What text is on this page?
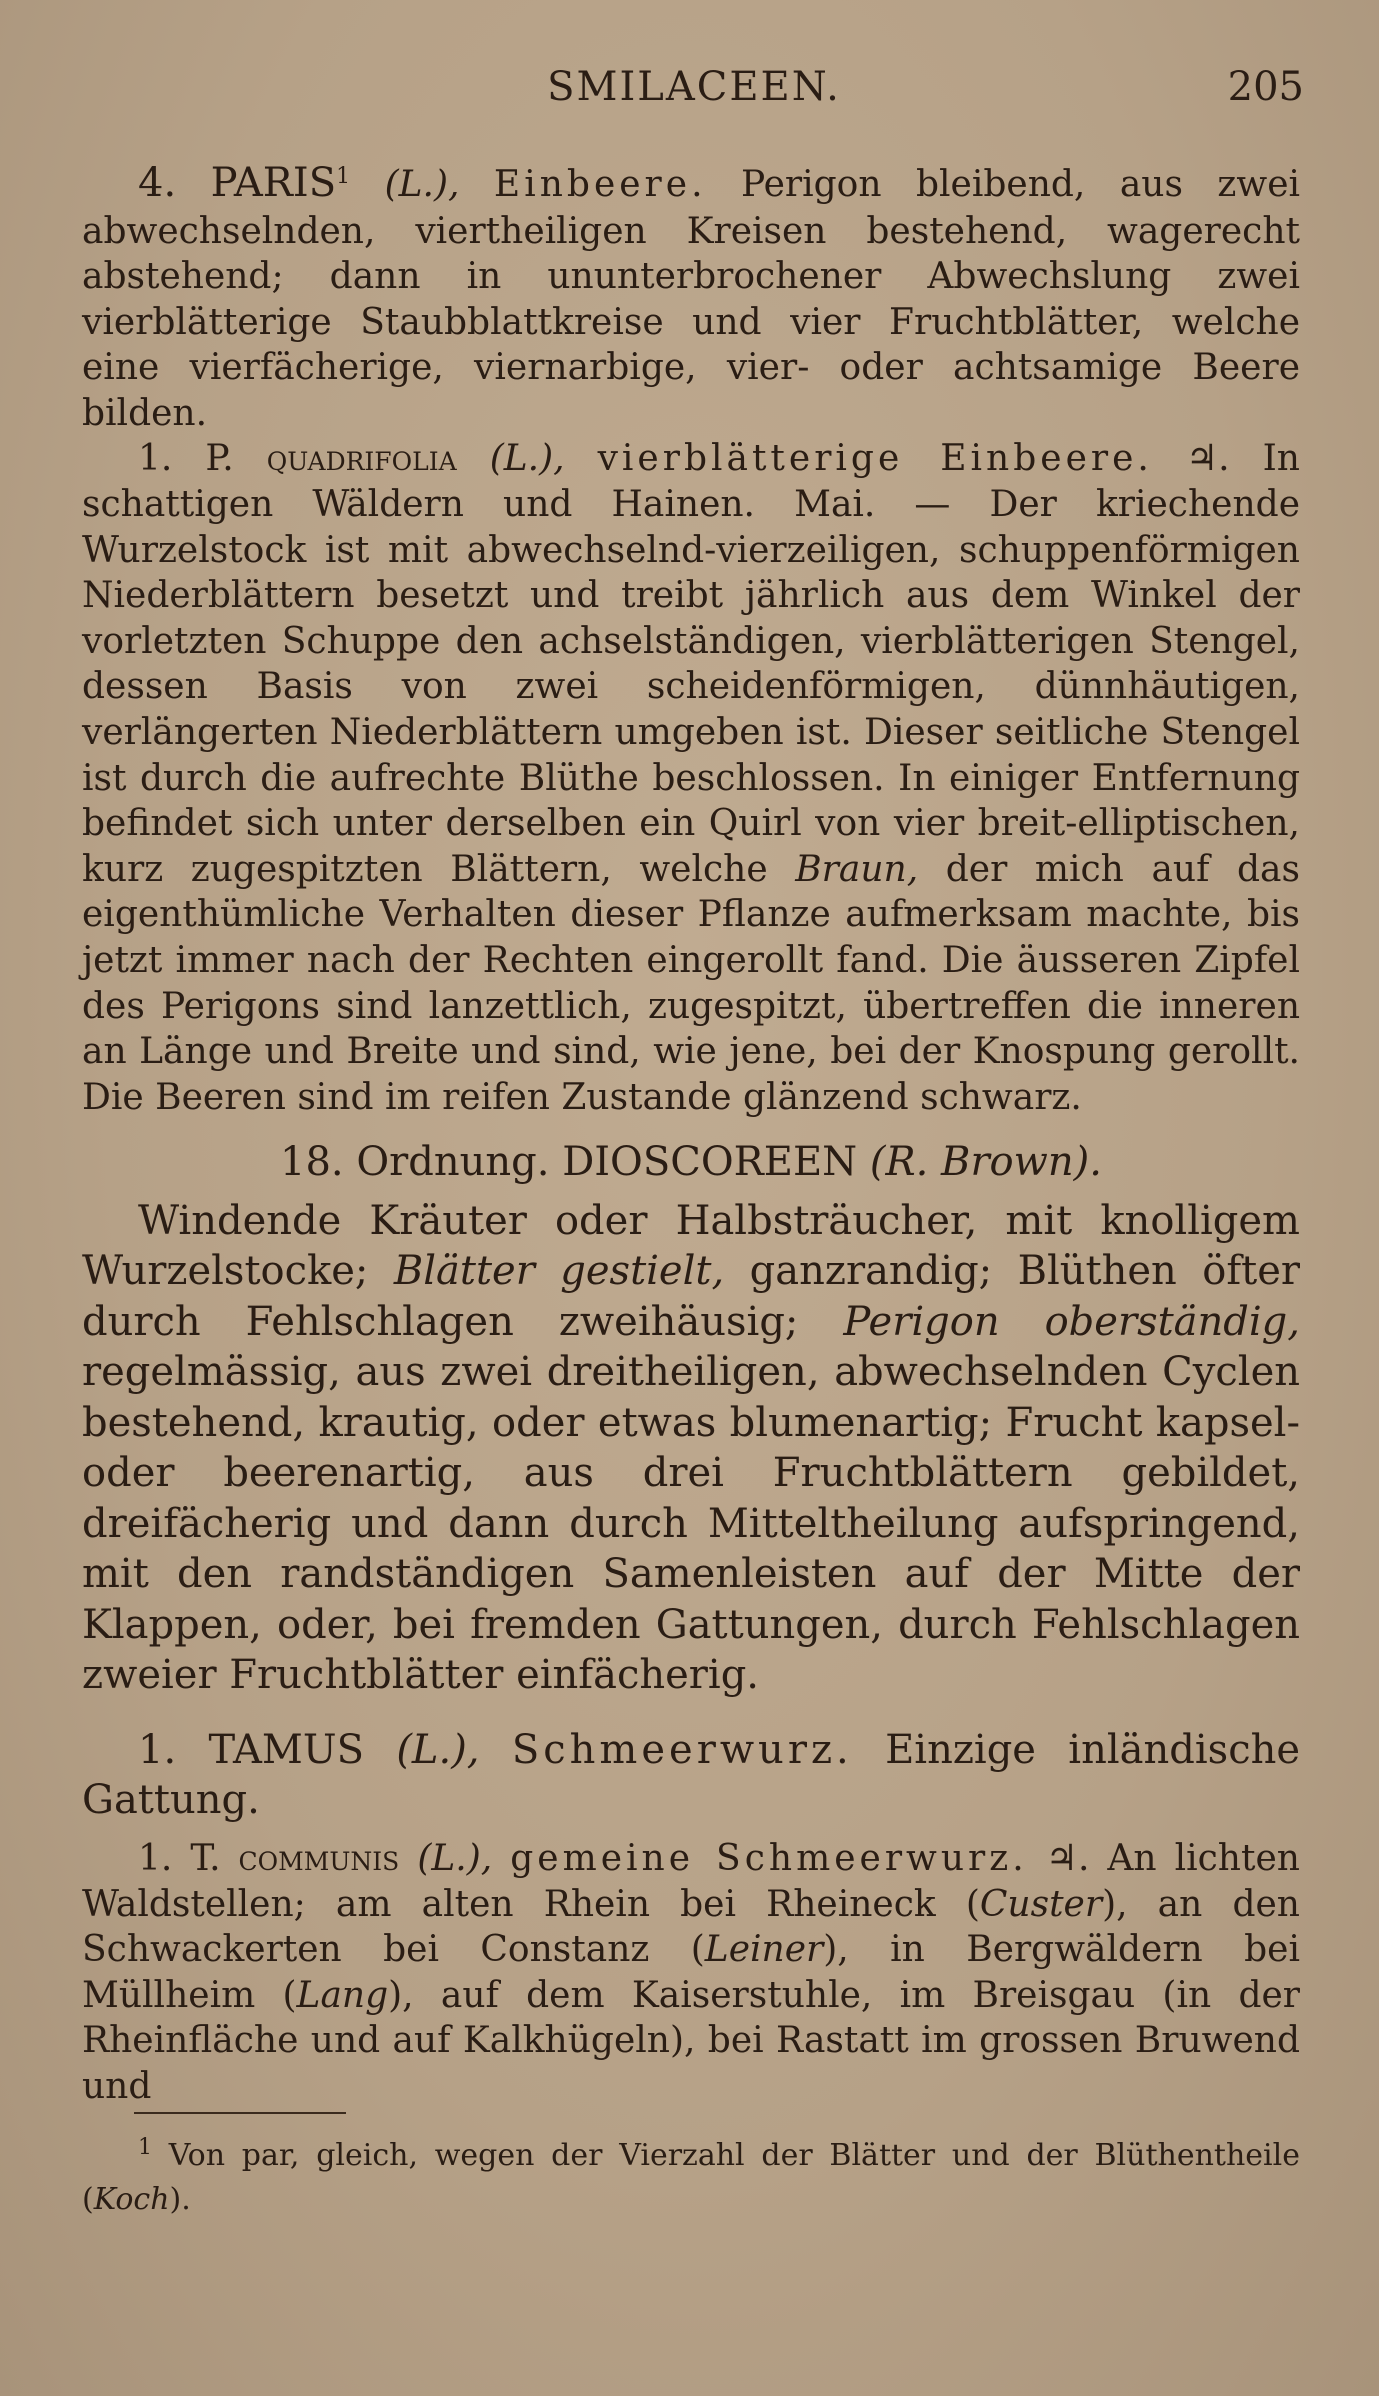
SMILACEEN.	205

4. PARIS$^1$ (L.), Einbeere. Perigon bleibend, aus zwei abwechselnden, viertheiligen Kreisen bestehend, wagerecht abstehend; dann in ununterbrochener Abwechslung zwei vierblätterige Staubblattkreise und vier Fruchtblätter, welche eine vierfächerige, viernarbige, vier- oder achtsamige Beere bilden.

1. P. quadrifolia (L.), vierblätterige Einbeere. ♃. In schattigen Wäldern und Hainen. Mai. — Der kriechende Wurzelstock ist mit abwechselnd-vierzeiligen, schuppenförmigen Niederblättern besetzt und treibt jährlich aus dem Winkel der vorletzten Schuppe den achselständigen, vierblätterigen Stengel, dessen Basis von zwei scheidenförmigen, dünnhäutigen, verlängerten Niederblättern umgeben ist. Dieser seitliche Stengel ist durch die aufrechte Blüthe beschlossen. In einiger Entfernung befindet sich unter derselben ein Quirl von vier breit-elliptischen, kurz zugespitzten Blättern, welche Braun, der mich auf das eigenthümliche Verhalten dieser Pflanze aufmerksam machte, bis jetzt immer nach der Rechten eingerollt fand. Die äusseren Zipfel des Perigons sind lanzettlich, zugespitzt, übertreffen die inneren an Länge und Breite und sind, wie jene, bei der Knospung gerollt. Die Beeren sind im reifen Zustande glänzend schwarz.

18. Ordnung. DIOSCOREEN (R. Brown).

Windende Kräuter oder Halbsträucher, mit knolligem Wurzelstocke; Blätter gestielt, ganzrandig; Blüthen öfter durch Fehlschlagen zweihäusig; Perigon oberständig, regelmässig, aus zwei dreitheiligen, abwechselnden Cyclen bestehend, krautig, oder etwas blumenartig; Frucht kapsel- oder beerenartig, aus drei Fruchtblättern gebildet, dreifächerig und dann durch Mitteltheilung aufspringend, mit den randständigen Samenleisten auf der Mitte der Klappen, oder, bei fremden Gattungen, durch Fehlschlagen zweier Fruchtblätter einfächerig.

1. TAMUS (L.), Schmeerwurz. Einzige inländische Gattung.

1. T. communis (L.), gemeine Schmeerwurz. ♃. An lichten Waldstellen; am alten Rhein bei Rheineck (Custer), an den Schwackerten bei Constanz (Leiner), in Bergwäldern bei Müllheim (Lang), auf dem Kaiserstuhle, im Breisgau (in der Rheinfläche und auf Kalkhügeln), bei Rastatt im grossen Bruwend und

$^1$ Von par, gleich, wegen der Vierzahl der Blätter und der Blüthentheile (Koch).
